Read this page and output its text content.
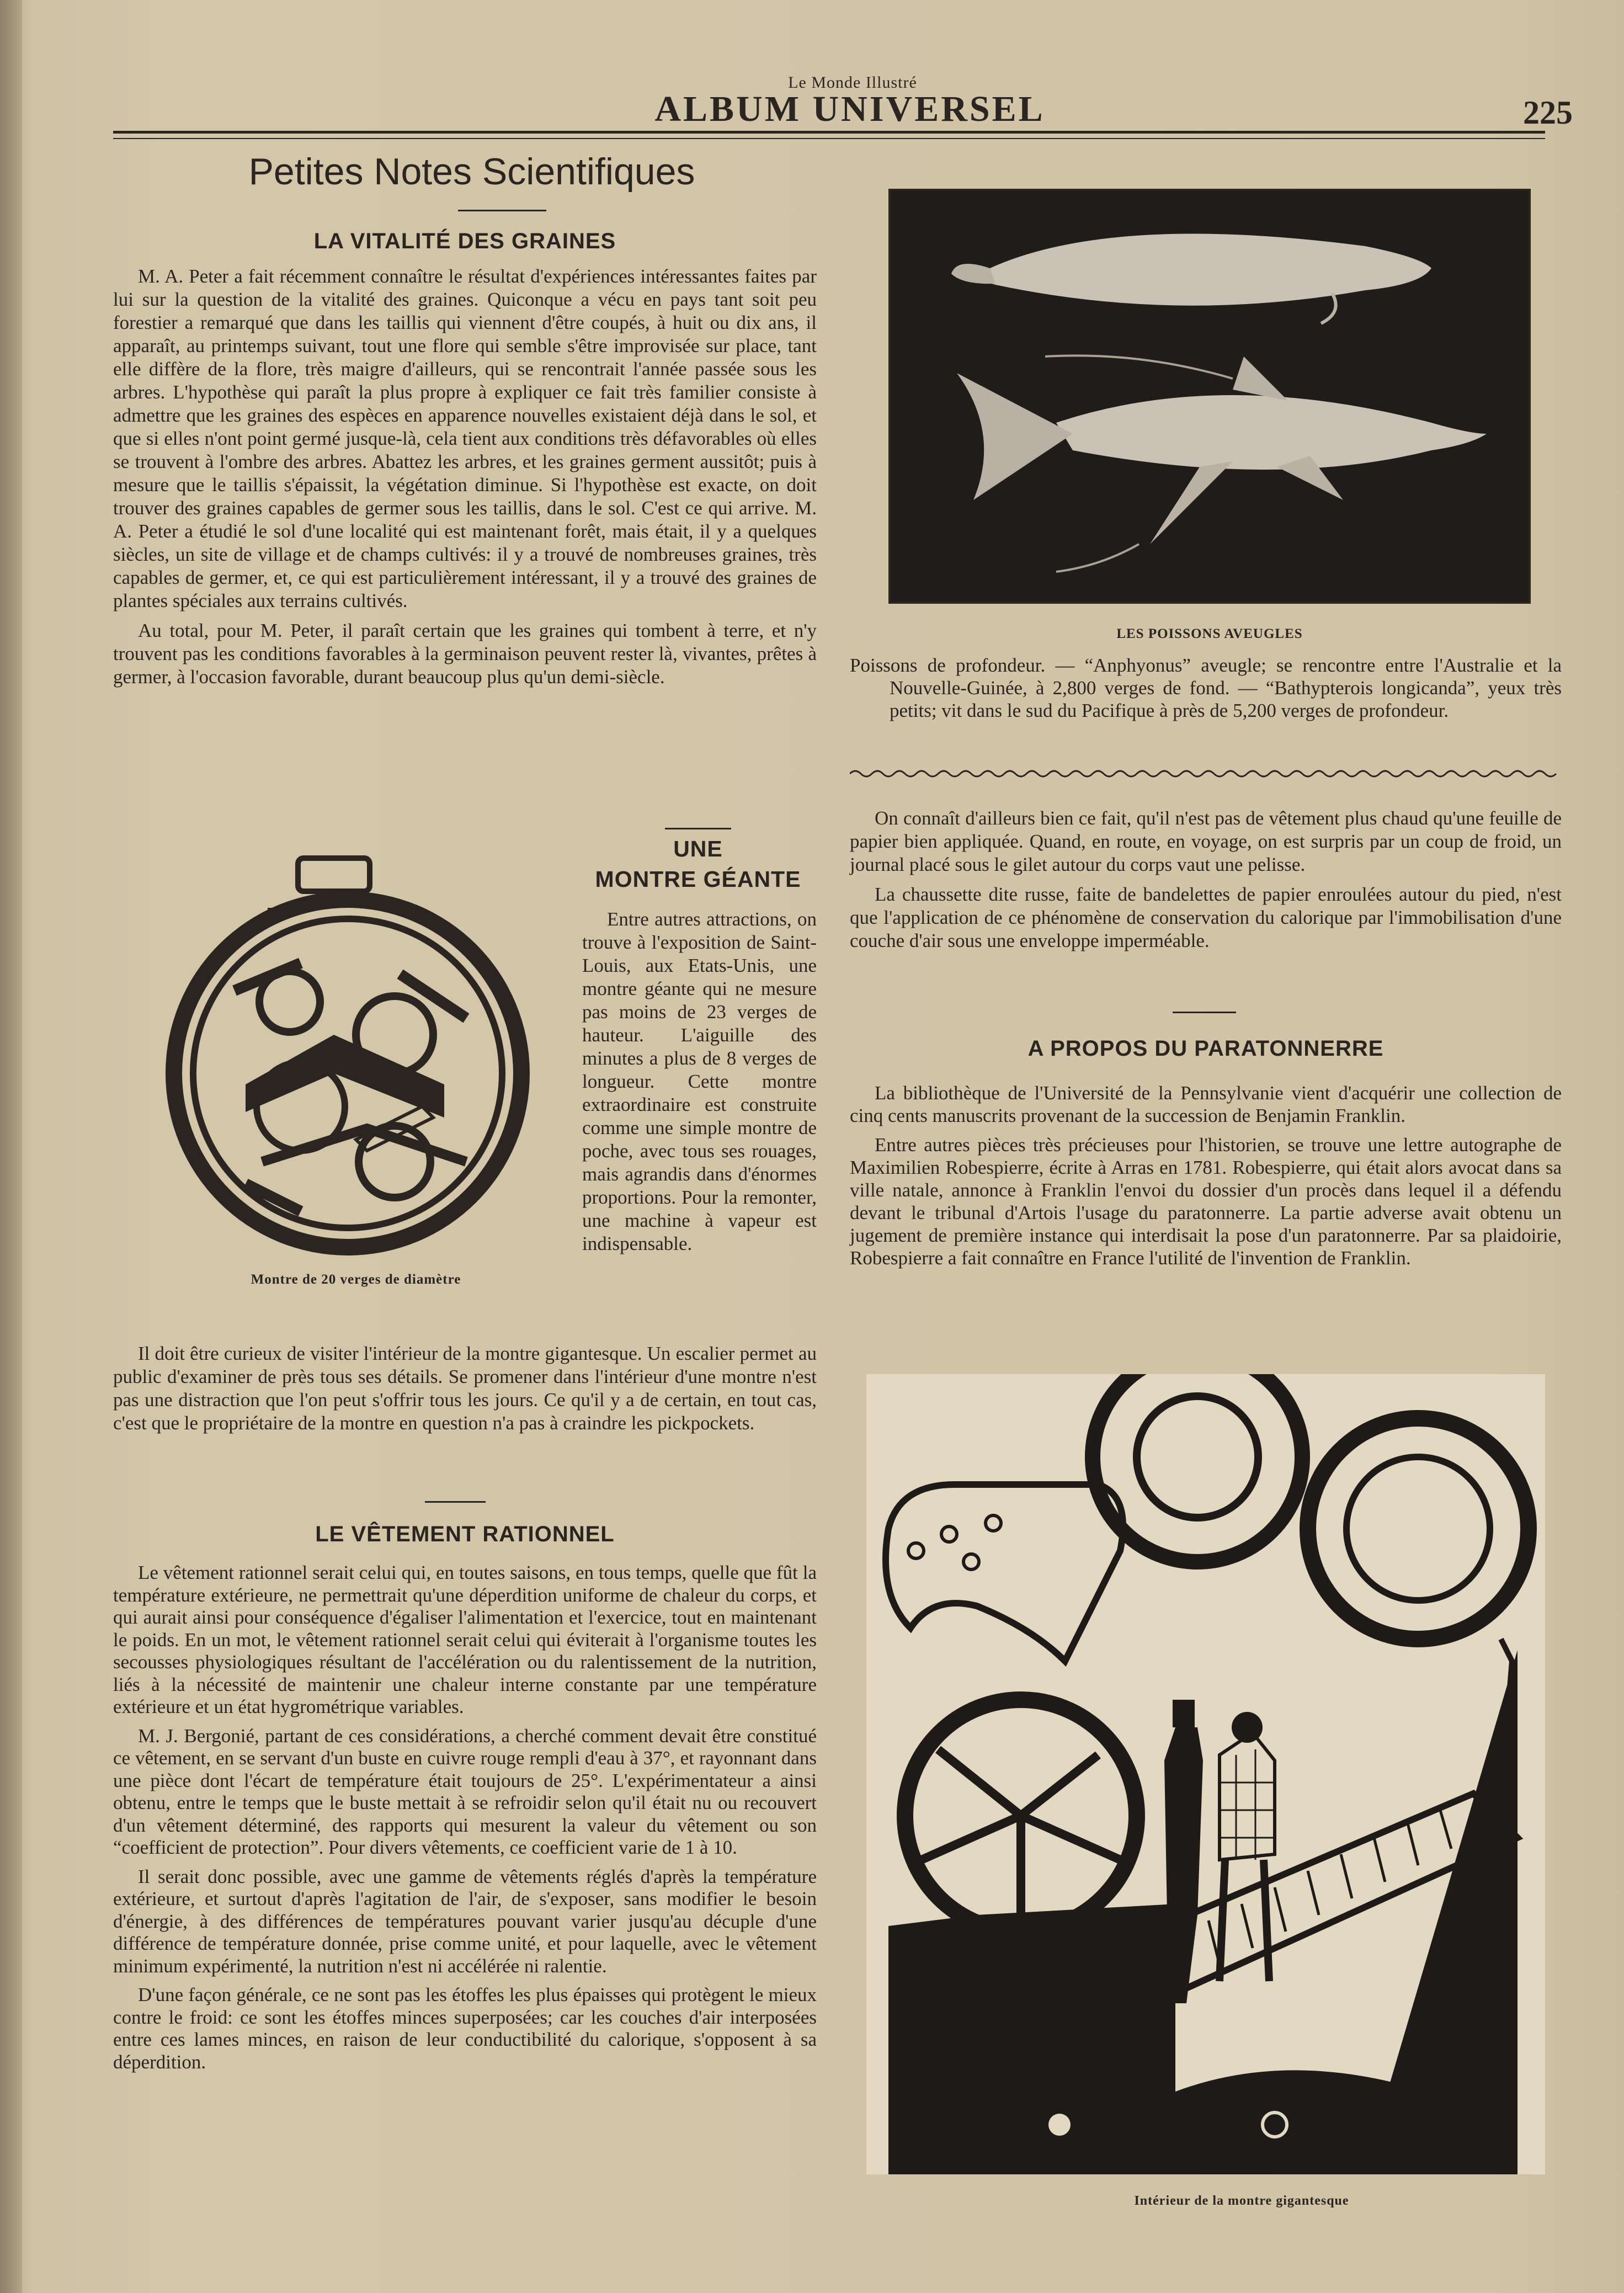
Le Monde Illustré
ALBUM UNIVERSEL	225
Petites Notes Scientifiques
LA VITALITÉ DES GRAINES

M. A. Peter a fait récemment connaître le résultat d'expériences intéressantes faites par lui sur la question de la vitalité des graines. Quiconque a vécu en pays tant soit peu forestier a remarqué que dans les taillis qui viennent d'être coupés, à huit ou dix ans, il apparaît, au printemps suivant, tout une flore qui semble s'être improvisée sur place, tant elle diffère de la flore, très maigre d'ailleurs, qui se rencontrait l'année passée sous les arbres. L'hypothèse qui paraît la plus propre à expliquer ce fait très familier consiste à admettre que les graines des espèces en apparence nouvelles existaient déjà dans le sol, et que si elles n'ont point germé jusque-là, cela tient aux conditions très défavorables où elles se trouvent à l'ombre des arbres. Abattez les arbres, et les graines germent aussitôt; puis à mesure que le taillis s'épaissit, la végétation diminue. Si l'hypothèse est exacte, on doit trouver des graines capables de germer sous les taillis, dans le sol. C'est ce qui arrive. M. A. Peter a étudié le sol d'une localité qui est maintenant forêt, mais était, il y a quelques siècles, un site de village et de champs cultivés: il y a trouvé de nombreuses graines, très capables de germer, et, ce qui est particulièrement intéressant, il y a trouvé des graines de plantes spéciales aux terrains cultivés.

Au total, pour M. Peter, il paraît certain que les graines qui tombent à terre, et n'y trouvent pas les conditions favorables à la germinaison peuvent rester là, vivantes, prêtes à germer, à l'occasion favorable, durant beaucoup plus qu'un demi-siècle.

UNE
MONTRE GÉANTE

Entre autres attractions, on trouve à l'exposition de Saint-Louis, aux Etats-Unis, une montre géante qui ne mesure pas moins de 23 verges de hauteur. L'aiguille des minutes a plus de 8 verges de longueur. Cette montre extraordinaire est construite comme une simple montre de poche, avec tous ses rouages, mais agrandis dans d'énormes proportions. Pour la remonter, une machine à vapeur est indispensable.

Montre de 20 verges de diamètre

Il doit être curieux de visiter l'intérieur de la montre gigantesque. Un escalier permet au public d'examiner de près tous ses détails. Se promener dans l'intérieur d'une montre n'est pas une distraction que l'on peut s'offrir tous les jours. Ce qu'il y a de certain, en tout cas, c'est que le propriétaire de la montre en question n'a pas à craindre les pickpockets.

LE VÊTEMENT RATIONNEL

Le vêtement rationnel serait celui qui, en toutes saisons, en tous temps, quelle que fût la température extérieure, ne permettrait qu'une déperdition uniforme de chaleur du corps, et qui aurait ainsi pour conséquence d'égaliser l'alimentation et l'exercice, tout en maintenant le poids. En un mot, le vêtement rationnel serait celui qui éviterait à l'organisme toutes les secousses physiologiques résultant de l'accélération ou du ralentissement de la nutrition, liés à la nécessité de maintenir une chaleur interne constante par une température extérieure et un état hygrométrique variables.

M. J. Bergonié, partant de ces considérations, a cherché comment devait être constitué ce vêtement, en se servant d'un buste en cuivre rouge rempli d'eau à 37°, et rayonnant dans une pièce dont l'écart de température était toujours de 25°. L'expérimentateur a ainsi obtenu, entre le temps que le buste mettait à se refroidir selon qu'il était nu ou recouvert d'un vêtement déterminé, des rapports qui mesurent la valeur du vêtement ou son “coefficient de protection”. Pour divers vêtements, ce coefficient varie de 1 à 10.

Il serait donc possible, avec une gamme de vêtements réglés d'après la température extérieure, et surtout d'après l'agitation de l'air, de s'exposer, sans modifier le besoin d'énergie, à des différences de températures pouvant varier jusqu'au décuple d'une différence de température donnée, prise comme unité, et pour laquelle, avec le vêtement minimum expérimenté, la nutrition n'est ni accélérée ni ralentie.

D'une façon générale, ce ne sont pas les étoffes les plus épaisses qui protègent le mieux contre le froid: ce sont les étoffes minces superposées; car les couches d'air interposées entre ces lames minces, en raison de leur conductibilité du calorique, s'opposent à sa déperdition.

LES POISSONS AVEUGLES

Poissons de profondeur. — “Anphyonus” aveugle; se rencontre entre l'Australie et la Nouvelle-Guinée, à 2,800 verges de fond. — “Bathypterois longicanda”, yeux très petits; vit dans le sud du Pacifique à près de 5,200 verges de profondeur.

On connaît d'ailleurs bien ce fait, qu'il n'est pas de vêtement plus chaud qu'une feuille de papier bien appliquée. Quand, en route, en voyage, on est surpris par un coup de froid, un journal placé sous le gilet autour du corps vaut une pelisse.

La chaussette dite russe, faite de bandelettes de papier enroulées autour du pied, n'est que l'application de ce phénomène de conservation du calorique par l'immobilisation d'une couche d'air sous une enveloppe imperméable.

A PROPOS DU PARATONNERRE

La bibliothèque de l'Université de la Pennsylvanie vient d'acquérir une collection de cinq cents manuscrits provenant de la succession de Benjamin Franklin.

Entre autres pièces très précieuses pour l'historien, se trouve une lettre autographe de Maximilien Robespierre, écrite à Arras en 1781. Robespierre, qui était alors avocat dans sa ville natale, annonce à Franklin l'envoi du dossier d'un procès dans lequel il a défendu devant le tribunal d'Artois l'usage du paratonnerre. La partie adverse avait obtenu un jugement de première instance qui interdisait la pose d'un paratonnerre. Par sa plaidoirie, Robespierre a fait connaître en France l'utilité de l'invention de Franklin.

Intérieur de la montre gigantesque
